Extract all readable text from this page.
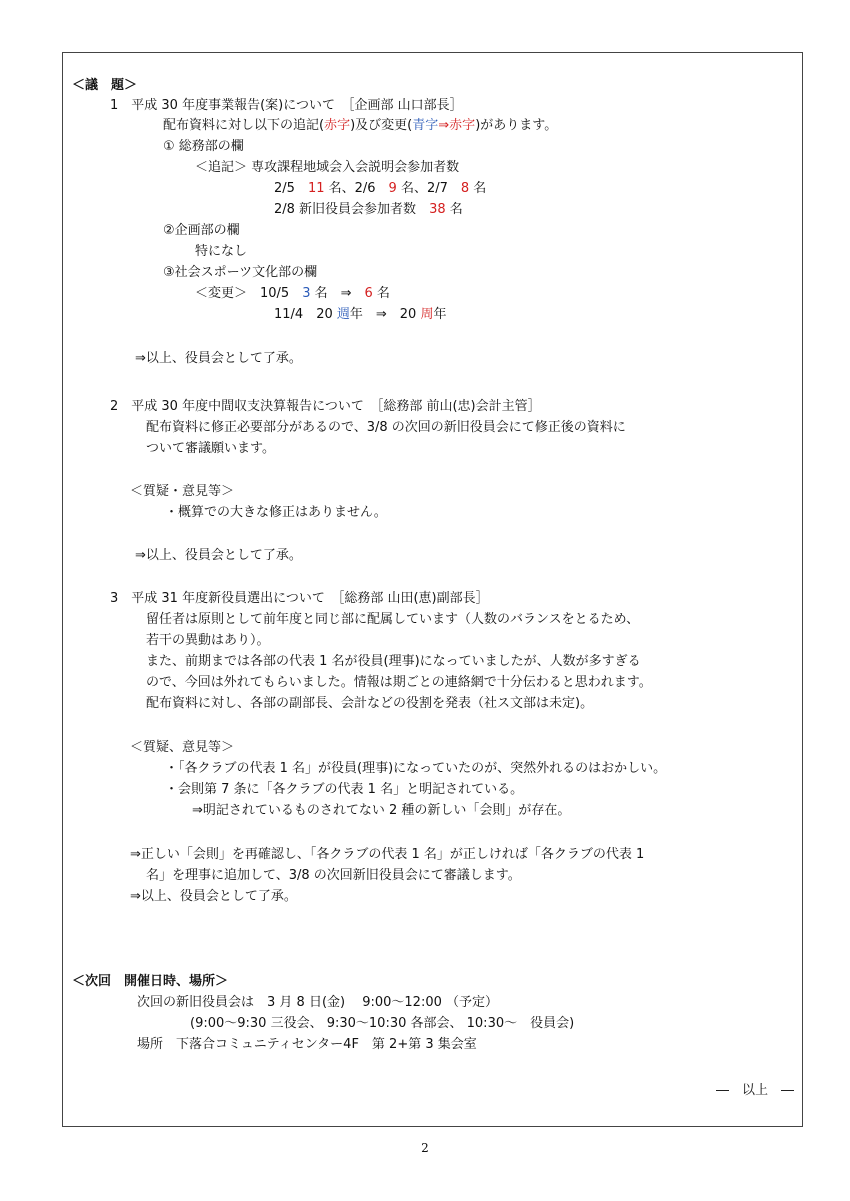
＜議　題＞
1　平成 30 年度事業報告(案)について　［企画部 山口部長］
配布資料に対し以下の追記(赤字)及び変更(青字⇒赤字)があります。
① 総務部の欄
＜追記＞ 専攻課程地域会入会説明会参加者数
2/5　11 名、2/6　9 名、2/7　8 名
2/8 新旧役員会参加者数　38 名
②企画部の欄
特になし
③社会スポーツ文化部の欄
＜変更＞　10/5　3 名　⇒　6 名
11/4　20 週年　⇒　20 周年
⇒以上、役員会として了承。
2　平成 30 年度中間収支決算報告について　［総務部 前山(忠)会計主管］
配布資料に修正必要部分があるので、3/8 の次回の新旧役員会にて修正後の資料に
ついて審議願います。
＜質疑・意見等＞
・概算での大きな修正はありません。
⇒以上、役員会として了承。
3　平成 31 年度新役員選出について　［総務部 山田(恵)副部長］
留任者は原則として前年度と同じ部に配属しています（人数のバランスをとるため、
若干の異動はあり）。
また、前期までは各部の代表 1 名が役員(理事)になっていましたが、人数が多すぎる
ので、今回は外れてもらいました。情報は期ごとの連絡網で十分伝わると思われます。
配布資料に対し、各部の副部長、会計などの役割を発表（社ス文部は未定)。
＜質疑、意見等＞
・｢各クラブの代表 1 名」が役員(理事)になっていたのが、突然外れるのはおかしい。
・会則第 7 条に「各クラブの代表 1 名」と明記されている。
⇒明記されているものされてない 2 種の新しい「会則」が存在。
⇒正しい「会則」を再確認し、｢各クラブの代表 1 名」が正しければ「各クラブの代表 1
名」を理事に追加して、3/8 の次回新旧役員会にて審議します。
⇒以上、役員会として了承。
＜次回　開催日時、場所＞
次回の新旧役員会は　3 月 8 日(金)　 9:00〜12:00 （予定）
(9:00〜9:30 三役会、 9:30〜10:30 各部会、 10:30〜　役員会)
場所　下落合コミュニティセンター4F　第 2+第 3 集会室
―　以上　―
2
